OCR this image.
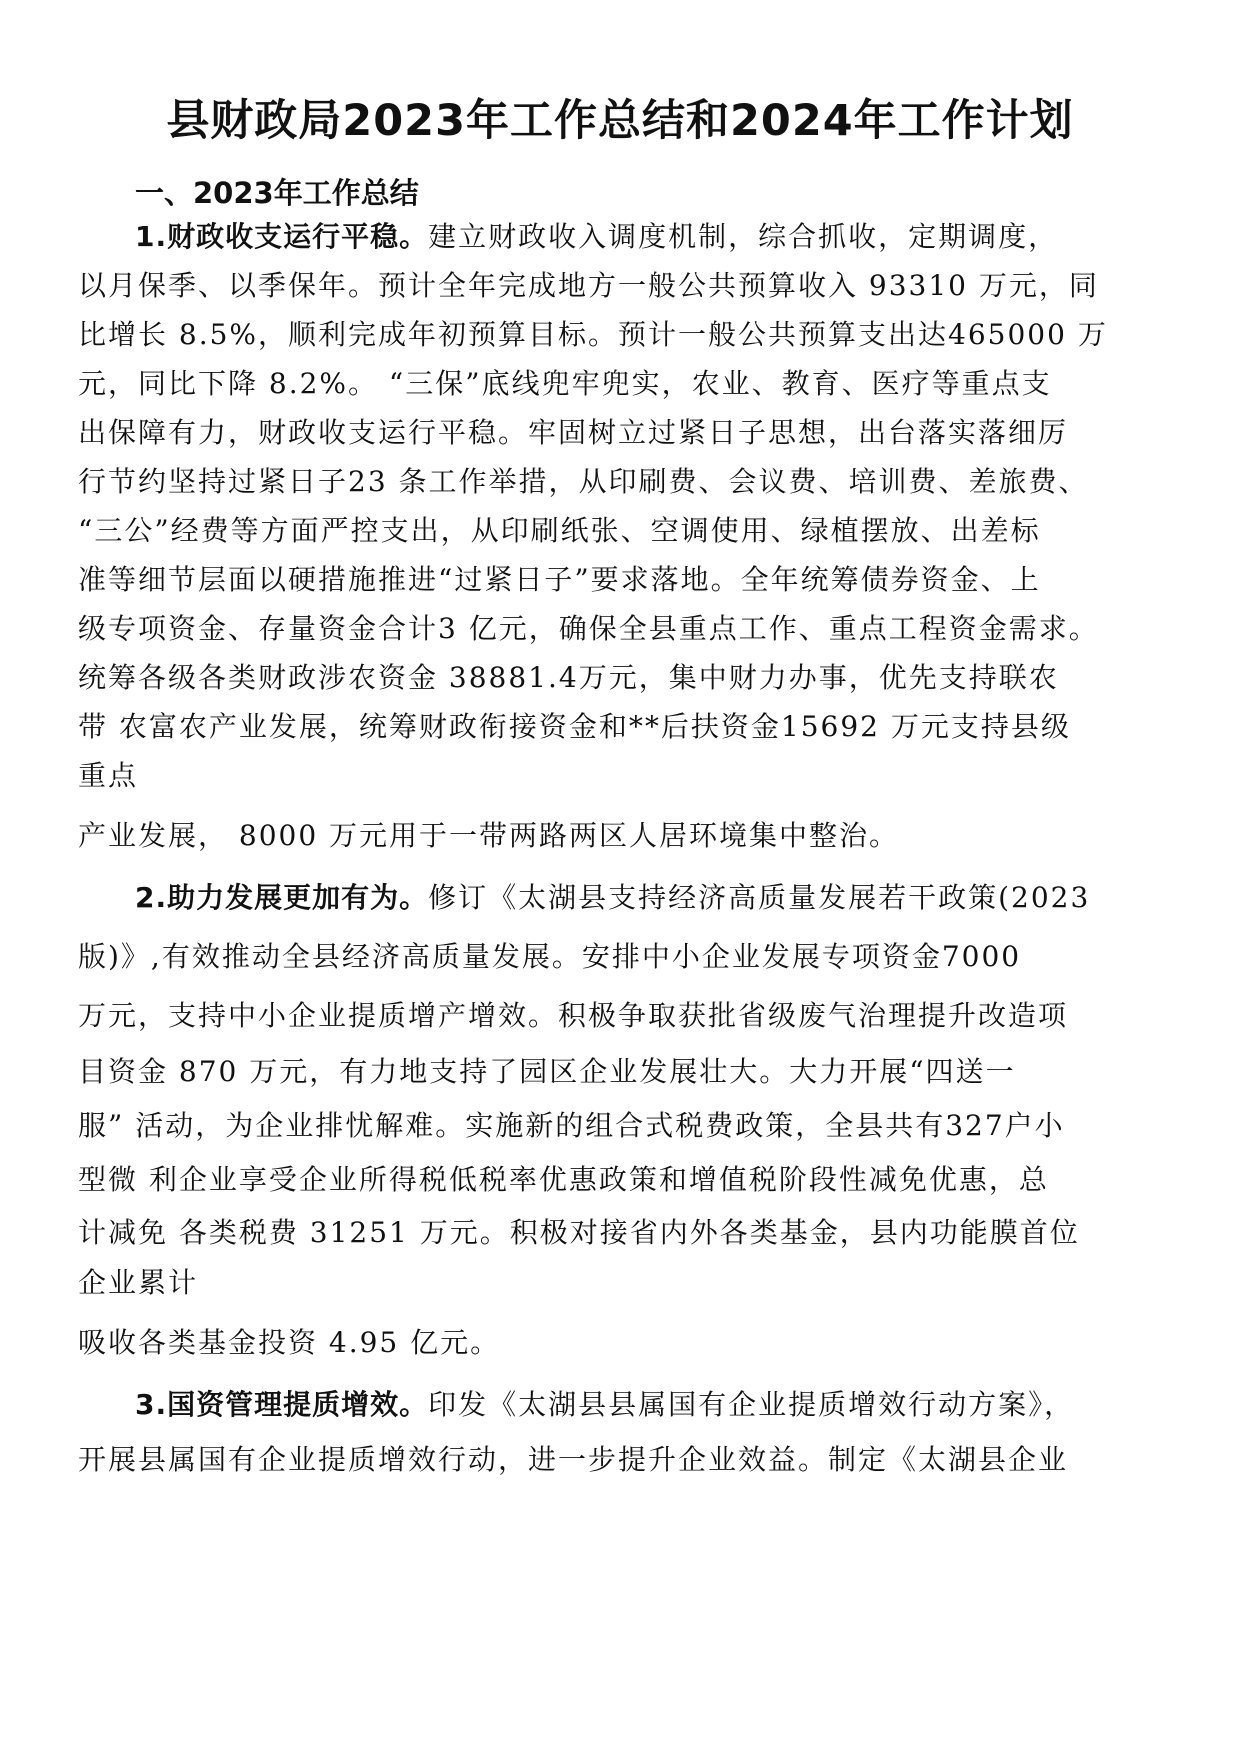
县财政局2023年工作总结和2024年工作计划
一、2023年工作总结

1.财政收支运行平稳。建立财政收入调度机制，综合抓收，定期调度，

以月保季、以季保年。预计全年完成地方一般公共预算收入 93310 万元，同

比增长 8.5%，顺利完成年初预算目标。预计一般公共预算支出达465000 万

元，同比下降 8.2%。 “三保”底线兜牢兜实，农业、教育、医疗等重点支

出保障有力，财政收支运行平稳。牢固树立过紧日子思想，出台落实落细厉

行节约坚持过紧日子23 条工作举措，从印刷费、会议费、培训费、差旅费、

“三公”经费等方面严控支出，从印刷纸张、空调使用、绿植摆放、出差标

准等细节层面以硬措施推进“过紧日子”要求落地。全年统筹债券资金、上

级专项资金、存量资金合计3 亿元，确保全县重点工作、重点工程资金需求。

统筹各级各类财政涉农资金 38881.4万元，集中财力办事，优先支持联农

带 农富农产业发展，统筹财政衔接资金和**后扶资金15692 万元支持县级

重点

产业发展， 8000 万元用于一带两路两区人居环境集中整治。

2.助力发展更加有为。修订《太湖县支持经济高质量发展若干政策(2023

版)》,有效推动全县经济高质量发展。安排中小企业发展专项资金7000

万元，支持中小企业提质增产增效。积极争取获批省级废气治理提升改造项

目资金 870 万元，有力地支持了园区企业发展壮大。大力开展“四送一

服” 活动，为企业排忧解难。实施新的组合式税费政策，全县共有327户小

型微 利企业享受企业所得税低税率优惠政策和增值税阶段性减免优惠，总

计减免 各类税费 31251 万元。积极对接省内外各类基金，县内功能膜首位

企业累计

吸收各类基金投资 4.95 亿元。

3.国资管理提质增效。印发《太湖县县属国有企业提质增效行动方案》，

开展县属国有企业提质增效行动，进一步提升企业效益。制定《太湖县企业
